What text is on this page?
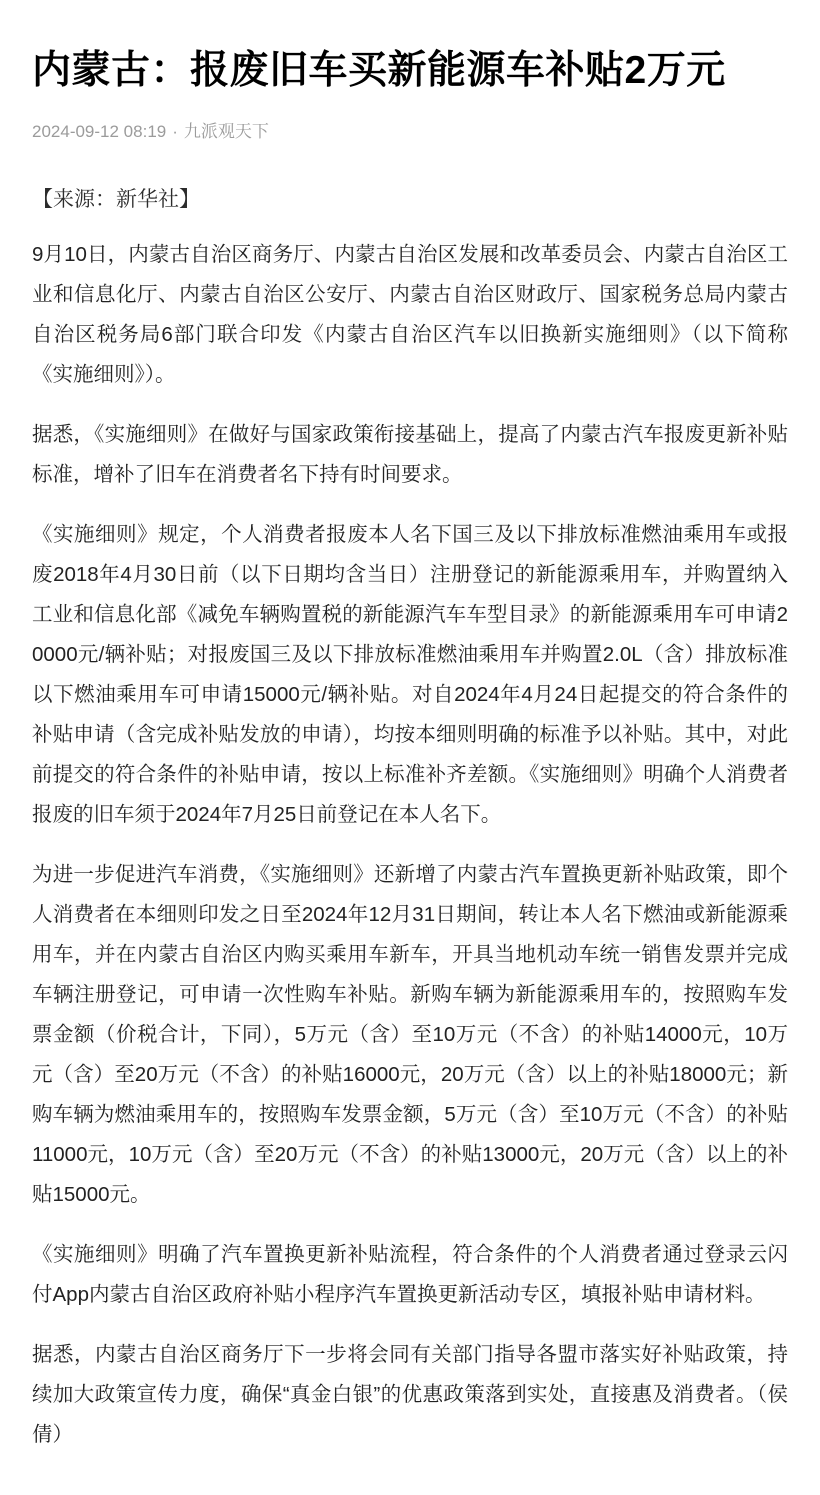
内蒙古：报废旧车买新能源车补贴2万元
2024-09-12 08:19 · 九派观天下
【来源：新华社】

9月10日，内蒙古自治区商务厅、内蒙古自治区发展和改革委员会、内蒙古自治区工业和信息化厅、内蒙古自治区公安厅、内蒙古自治区财政厅、国家税务总局内蒙古自治区税务局6部门联合印发《内蒙古自治区汽车以旧换新实施细则》（以下简称《实施细则》）。

据悉，《实施细则》在做好与国家政策衔接基础上，提高了内蒙古汽车报废更新补贴标准，增补了旧车在消费者名下持有时间要求。

《实施细则》规定，个人消费者报废本人名下国三及以下排放标准燃油乘用车或报废2018年4月30日前（以下日期均含当日）注册登记的新能源乘用车，并购置纳入工业和信息化部《减免车辆购置税的新能源汽车车型目录》的新能源乘用车可申请20000元/辆补贴；对报废国三及以下排放标准燃油乘用车并购置2.0L（含）排放标准以下燃油乘用车可申请15000元/辆补贴。对自2024年4月24日起提交的符合条件的补贴申请（含完成补贴发放的申请），均按本细则明确的标准予以补贴。其中，对此前提交的符合条件的补贴申请，按以上标准补齐差额。《实施细则》明确个人消费者报废的旧车须于2024年7月25日前登记在本人名下。

为进一步促进汽车消费，《实施细则》还新增了内蒙古汽车置换更新补贴政策，即个人消费者在本细则印发之日至2024年12月31日期间，转让本人名下燃油或新能源乘用车，并在内蒙古自治区内购买乘用车新车，开具当地机动车统一销售发票并完成车辆注册登记，可申请一次性购车补贴。新购车辆为新能源乘用车的，按照购车发票金额（价税合计，下同），5万元（含）至10万元（不含）的补贴14000元，10万元（含）至20万元（不含）的补贴16000元，20万元（含）以上的补贴18000元；新购车辆为燃油乘用车的，按照购车发票金额，5万元（含）至10万元（不含）的补贴11000元，10万元（含）至20万元（不含）的补贴13000元，20万元（含）以上的补贴15000元。

《实施细则》明确了汽车置换更新补贴流程，符合条件的个人消费者通过登录云闪付App内蒙古自治区政府补贴小程序汽车置换更新活动专区，填报补贴申请材料。

据悉，内蒙古自治区商务厅下一步将会同有关部门指导各盟市落实好补贴政策，持续加大政策宣传力度，确保“真金白银”的优惠政策落到实处，直接惠及消费者。（侯倩）
